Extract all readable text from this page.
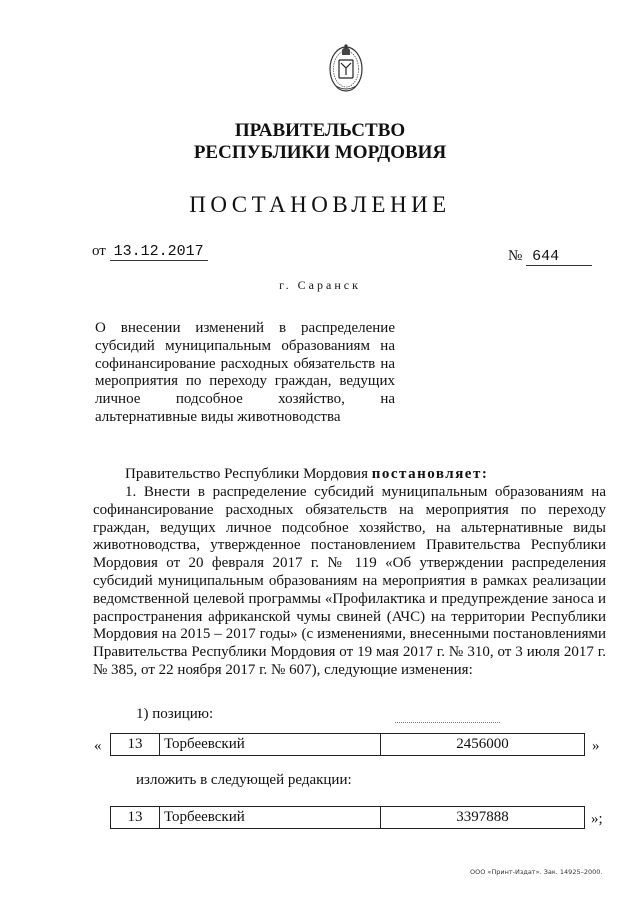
ПРАВИТЕЛЬСТВО
РЕСПУБЛИКИ МОРДОВИЯ
ПОСТАНОВЛЕНИЕ
от 13.12.2017	№ 644
г. Саранск
О внесении изменений в распределение субсидий муниципальным образованиям на софинансирование расходных обязательств на мероприятия по переходу граждан, ведущих личное подсобное хозяйство, на альтернативные виды животноводства
Правительство Республики Мордовия постановляет:
1. Внести в распределение субсидий муниципальным образованиям на софинансирование расходных обязательств на мероприятия по переходу граждан, ведущих личное подсобное хозяйство, на альтернативные виды животноводства, утвержденное постановлением Правительства Республики Мордовия от 20 февраля 2017 г. № 119 «Об утверждении распределения субсидий муниципальным образованиям на мероприятия в рамках реализации ведомственной целевой программы «Профилактика и предупреждение заноса и распространения африканской чумы свиней (АЧС) на территории Республики Мордовия на 2015 – 2017 годы» (с изменениями, внесенными постановлениями Правительства Республики Мордовия от 19 мая 2017 г. № 310, от 3 июля 2017 г. № 385, от 22 ноября 2017 г. № 607), следующие изменения:
1) позицию:
« 13	Торбеевский	2456000	»
изложить в следующей редакции:
13	Торбеевский	3397888	»;
ООО «Принт-Издат». Зак. 14925–2000.
